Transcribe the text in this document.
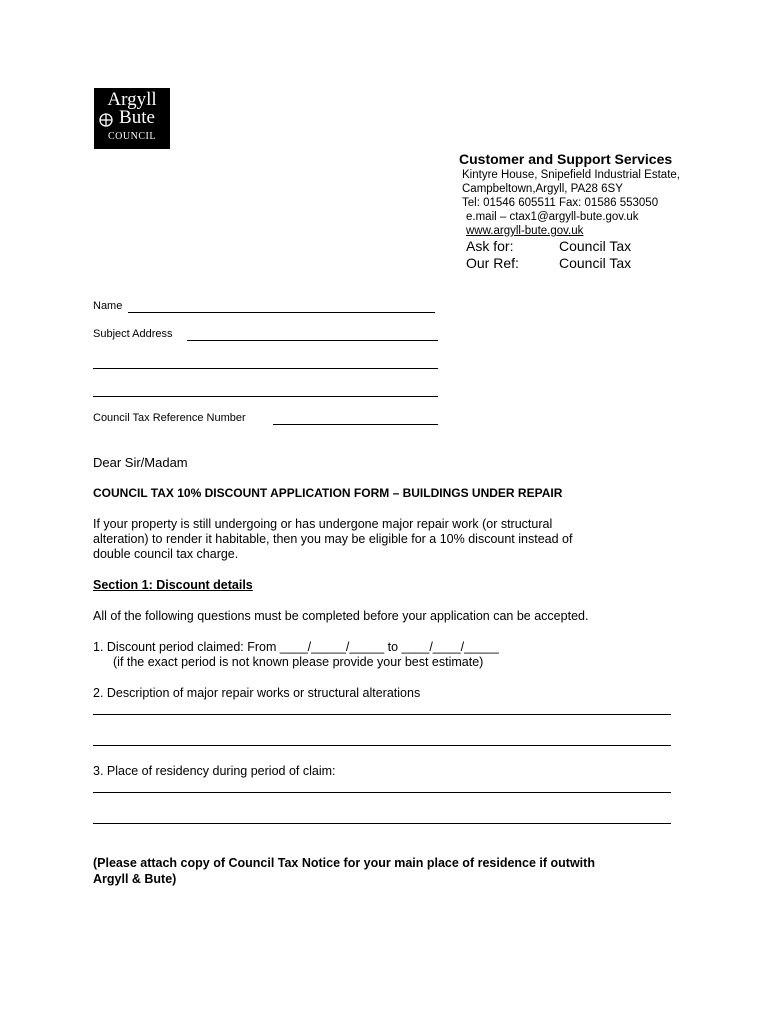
Argyll
Bute
COUNCIL
Customer and Support Services
Kintyre House, Snipefield Industrial Estate,
Campbeltown,Argyll, PA28 6SY
Tel: 01546 605511 Fax: 01586 553050
e.mail – ctax1@argyll-bute.gov.uk
www.argyll-bute.gov.uk
Ask for:	Council Tax
Our Ref:	Council Tax
Name
Subject Address
Council Tax Reference Number
Dear Sir/Madam
COUNCIL TAX 10% DISCOUNT APPLICATION FORM – BUILDINGS UNDER REPAIR
If your property is still undergoing or has undergone major repair work (or structural
alteration) to render it habitable, then you may be eligible for a 10% discount instead of
double council tax charge.
Section 1: Discount details
All of the following questions must be completed before your application can be accepted.
1. Discount period claimed: From ____/_____/_____ to ____/____/_____
(if the exact period is not known please provide your best estimate)
2. Description of major repair works or structural alterations
3. Place of residency during period of claim:
(Please attach copy of Council Tax Notice for your main place of residence if outwith
Argyll & Bute)
